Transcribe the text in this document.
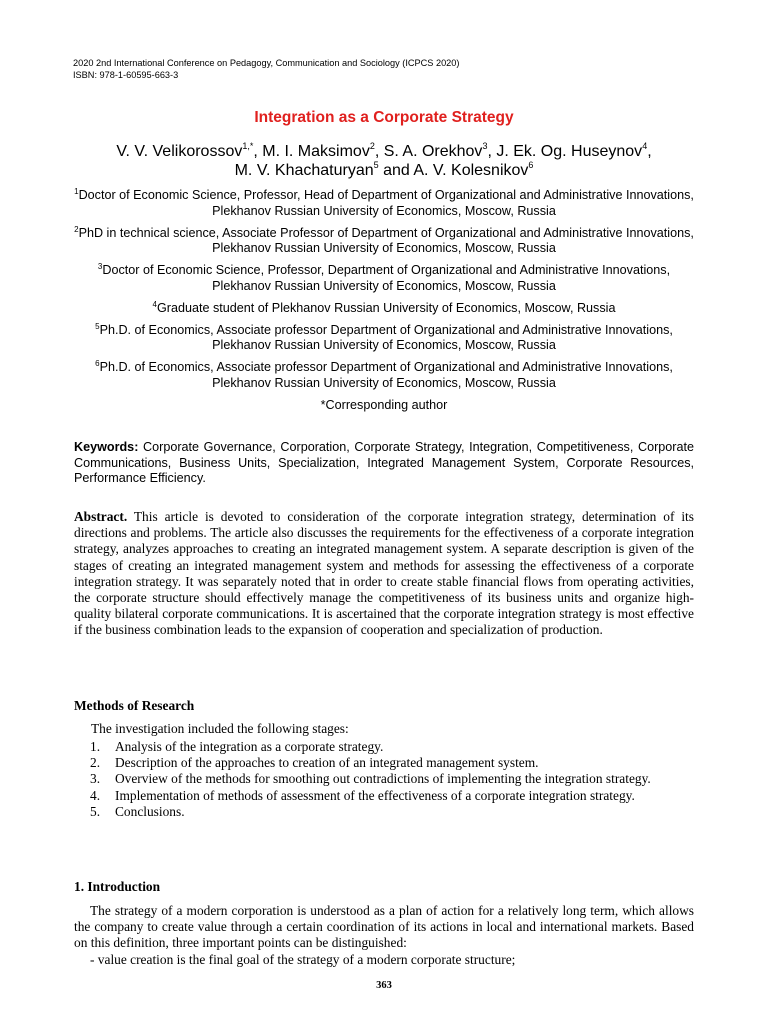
2020 2nd International Conference on Pedagogy, Communication and Sociology (ICPCS 2020)
ISBN: 978-1-60595-663-3
Integration as a Corporate Strategy
V. V. Velikorossov$^{1,*}$, M. I. Maksimov$^2$, S. A. Orekhov$^3$, J. Ek. Og. Huseynov$^4$,
M. V. Khachaturyan$^5$ and A. V. Kolesnikov$^6$
$^1$Doctor of Economic Science, Professor, Head of Department of Organizational and Administrative Innovations, Plekhanov Russian University of Economics, Moscow, Russia
$^2$PhD in technical science, Associate Professor of Department of Organizational and Administrative Innovations, Plekhanov Russian University of Economics, Moscow, Russia
$^3$Doctor of Economic Science, Professor, Department of Organizational and Administrative Innovations, Plekhanov Russian University of Economics, Moscow, Russia
$^4$Graduate student of Plekhanov Russian University of Economics, Moscow, Russia
$^5$Ph.D. of Economics, Associate professor Department of Organizational and Administrative Innovations, Plekhanov Russian University of Economics, Moscow, Russia
$^6$Ph.D. of Economics, Associate professor Department of Organizational and Administrative Innovations, Plekhanov Russian University of Economics, Moscow, Russia
*Corresponding author
Keywords: Corporate Governance, Corporation, Corporate Strategy, Integration, Competitiveness, Corporate Communications, Business Units, Specialization, Integrated Management System, Corporate Resources, Performance Efficiency.
Abstract. This article is devoted to consideration of the corporate integration strategy, determination of its directions and problems. The article also discusses the requirements for the effectiveness of a corporate integration strategy, analyzes approaches to creating an integrated management system. A separate description is given of the stages of creating an integrated management system and methods for assessing the effectiveness of a corporate integration strategy. It was separately noted that in order to create stable financial flows from operating activities, the corporate structure should effectively manage the competitiveness of its business units and organize high-quality bilateral corporate communications. It is ascertained that the corporate integration strategy is most effective if the business combination leads to the expansion of cooperation and specialization of production.
Methods of Research
The investigation included the following stages:
1.	Analysis of the integration as a corporate strategy.
2.	Description of the approaches to creation of an integrated management system.
3.	Overview of the methods for smoothing out contradictions of implementing the integration strategy.
4.	Implementation of methods of assessment of the effectiveness of a corporate integration strategy.
5.	Conclusions.
1. Introduction

The strategy of a modern corporation is understood as a plan of action for a relatively long term, which allows the company to create value through a certain coordination of its actions in local and international markets. Based on this definition, three important points can be distinguished:

- value creation is the final goal of the strategy of a modern corporate structure;
363
